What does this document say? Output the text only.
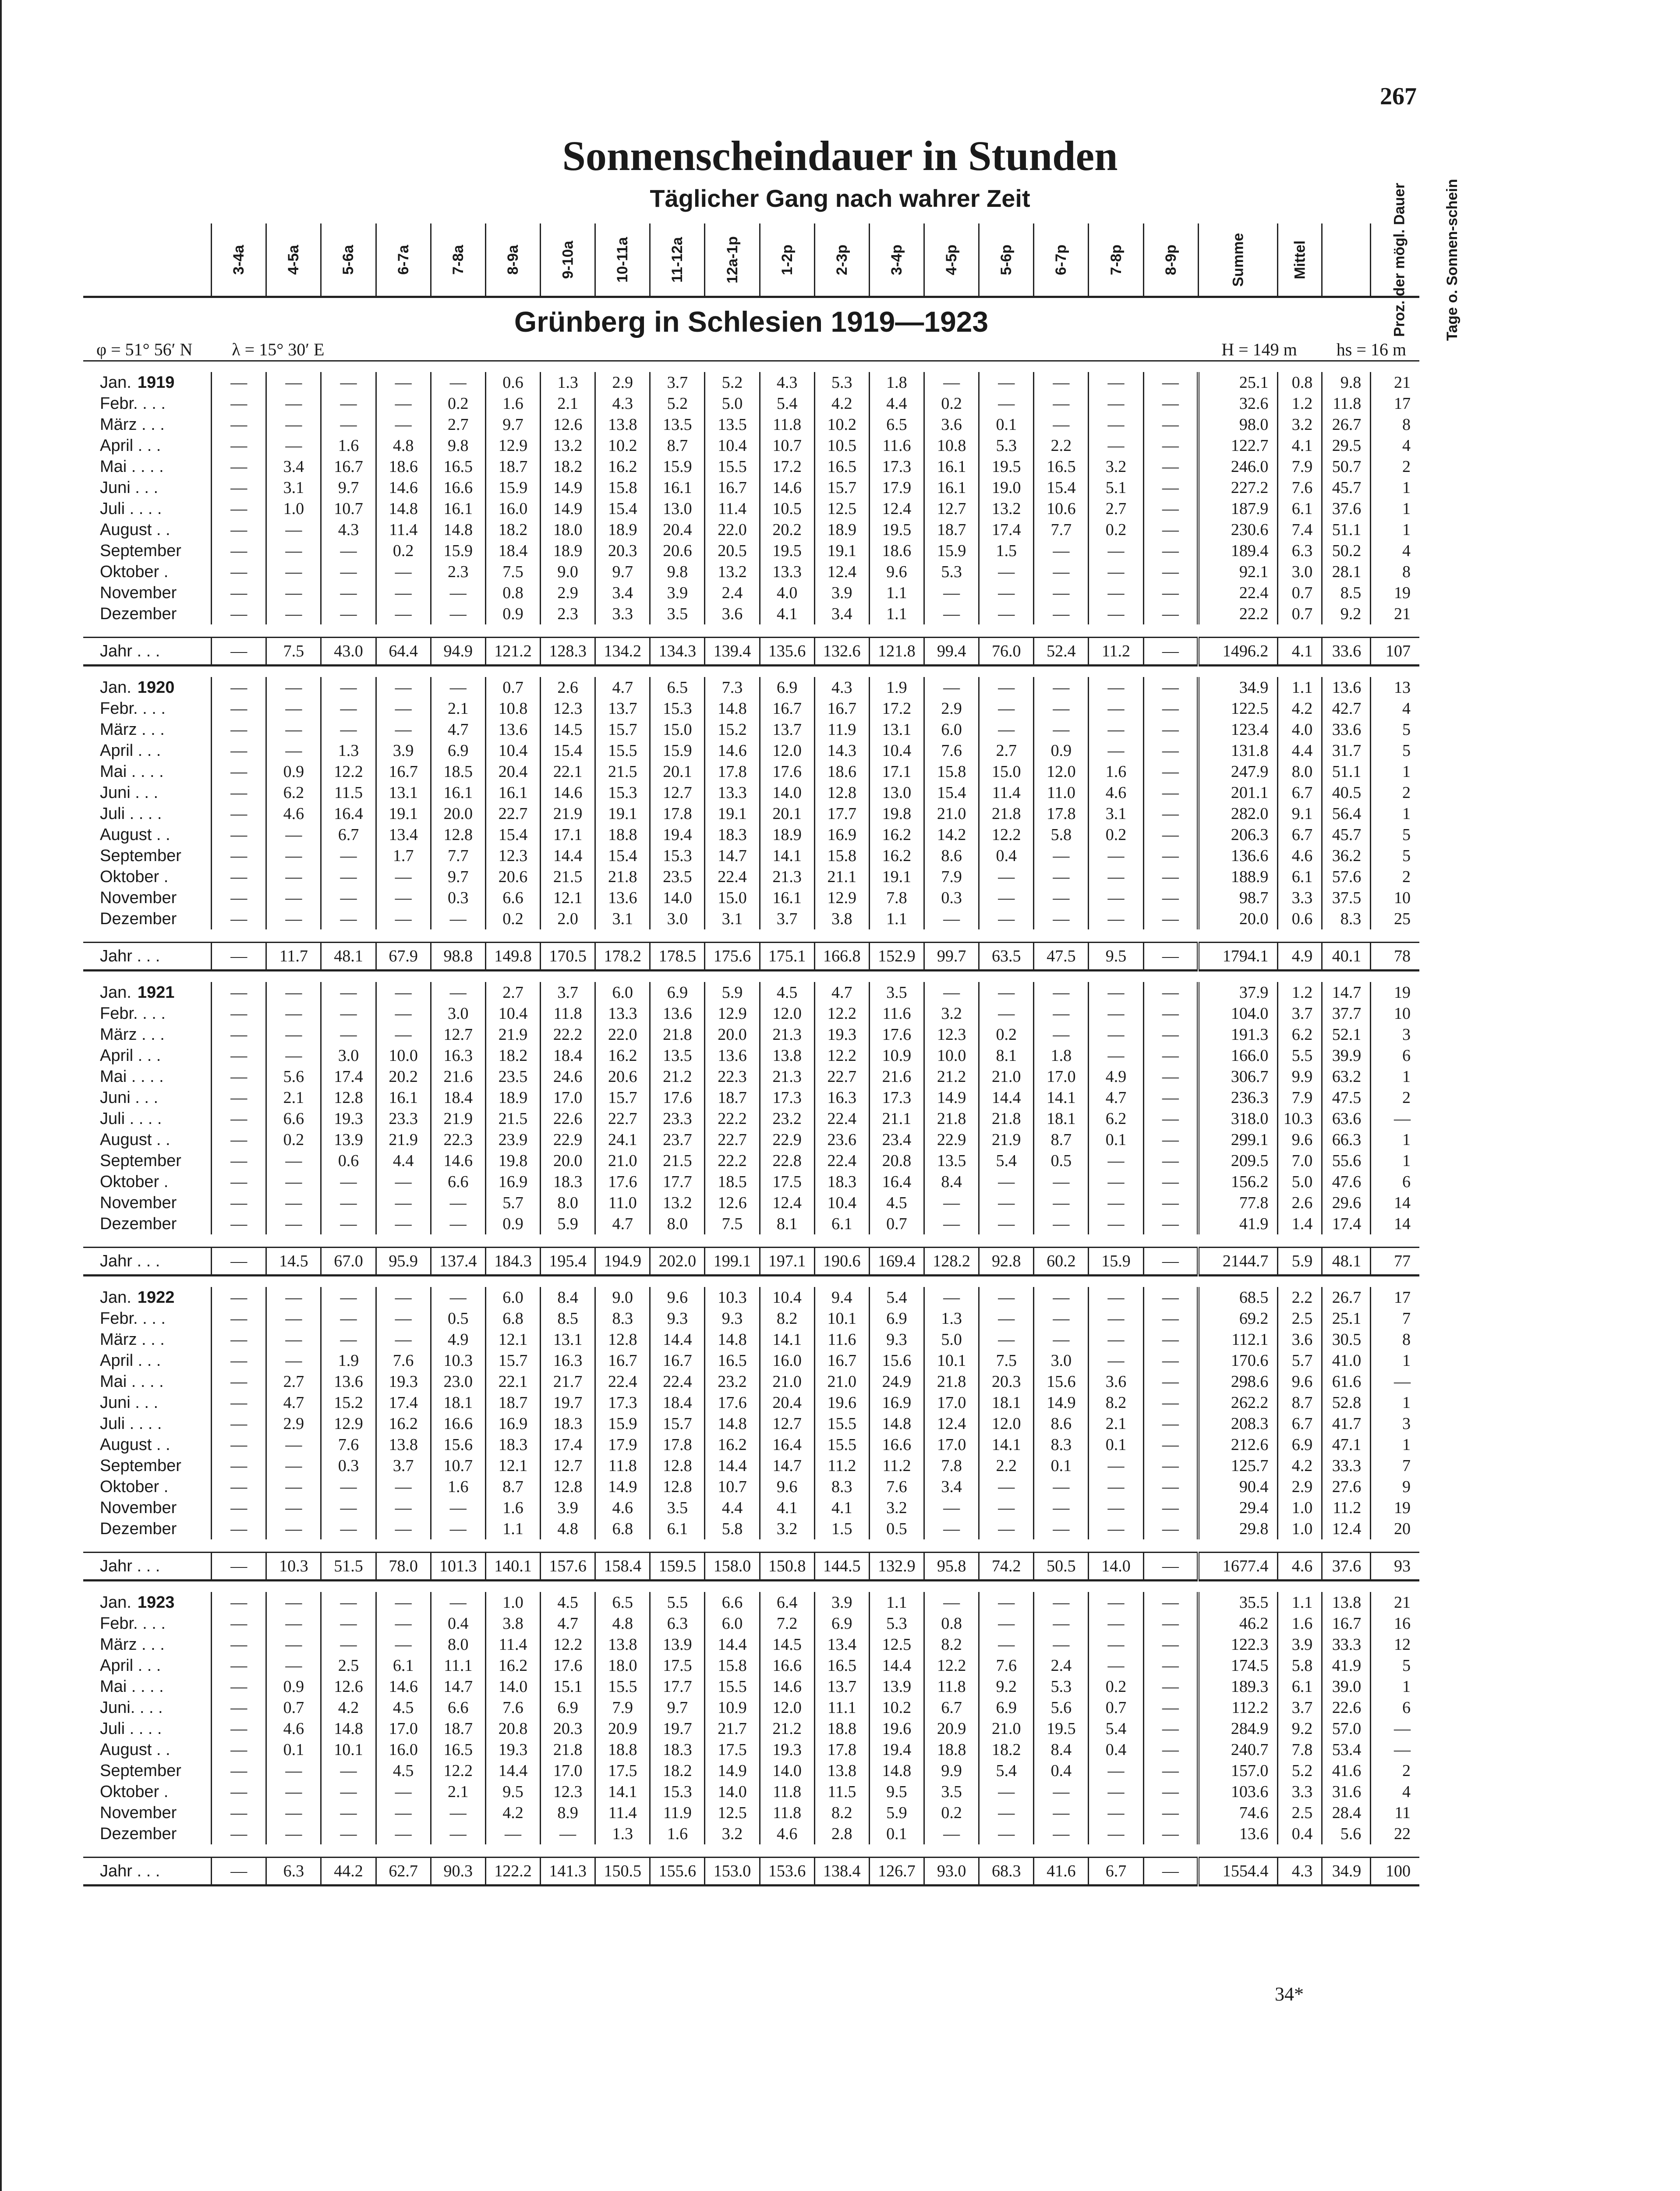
267
Sonnenscheindauer in Stunden
Täglicher Gang nach wahrer Zeit
	3-4a	4-5a	5-6a	6-7a	7-8a	8-9a	9-10a	10-11a	11-12a	12a-1p	1-2p	2-3p	3-4p	4-5p	5-6p	6-7p	7-8p	8-9p	Summe	Mittel	Proz. der mögl. Dauer	Tage o. Sonnen-schein
Grünberg in Schlesien 1919—1923																						
φ = 51° 56′ N λ = 15° 30′ E					H = 149 m hs = 16 m																	

Jan. 1919	—	—	—	—	—	0.6	1.3	2.9	3.7	5.2	4.3	5.3	1.8	—	—	—	—	—	25.1	0.8	9.8	21
Febr. . . .	—	—	—	—	0.2	1.6	2.1	4.3	5.2	5.0	5.4	4.2	4.4	0.2	—	—	—	—	32.6	1.2	11.8	17
März . . .	—	—	—	—	2.7	9.7	12.6	13.8	13.5	13.5	11.8	10.2	6.5	3.6	0.1	—	—	—	98.0	3.2	26.7	8
April . . .	—	—	1.6	4.8	9.8	12.9	13.2	10.2	8.7	10.4	10.7	10.5	11.6	10.8	5.3	2.2	—	—	122.7	4.1	29.5	4
Mai . . . .	—	3.4	16.7	18.6	16.5	18.7	18.2	16.2	15.9	15.5	17.2	16.5	17.3	16.1	19.5	16.5	3.2	—	246.0	7.9	50.7	2
Juni . . .	—	3.1	9.7	14.6	16.6	15.9	14.9	15.8	16.1	16.7	14.6	15.7	17.9	16.1	19.0	15.4	5.1	—	227.2	7.6	45.7	1
Juli . . . .	—	1.0	10.7	14.8	16.1	16.0	14.9	15.4	13.0	11.4	10.5	12.5	12.4	12.7	13.2	10.6	2.7	—	187.9	6.1	37.6	1
August . .	—	—	4.3	11.4	14.8	18.2	18.0	18.9	20.4	22.0	20.2	18.9	19.5	18.7	17.4	7.7	0.2	—	230.6	7.4	51.1	1
September	—	—	—	0.2	15.9	18.4	18.9	20.3	20.6	20.5	19.5	19.1	18.6	15.9	1.5	—	—	—	189.4	6.3	50.2	4
Oktober .	—	—	—	—	2.3	7.5	9.0	9.7	9.8	13.2	13.3	12.4	9.6	5.3	—	—	—	—	92.1	3.0	28.1	8
November	—	—	—	—	—	0.8	2.9	3.4	3.9	2.4	4.0	3.9	1.1	—	—	—	—	—	22.4	0.7	8.5	19
Dezember	—	—	—	—	—	0.9	2.3	3.3	3.5	3.6	4.1	3.4	1.1	—	—	—	—	—	22.2	0.7	9.2	21

Jahr . . .	—	7.5	43.0	64.4	94.9	121.2	128.3	134.2	134.3	139.4	135.6	132.6	121.8	99.4	76.0	52.4	11.2	—	1496.2	4.1	33.6	107

Jan. 1920	—	—	—	—	—	0.7	2.6	4.7	6.5	7.3	6.9	4.3	1.9	—	—	—	—	—	34.9	1.1	13.6	13
Febr. . . .	—	—	—	—	2.1	10.8	12.3	13.7	15.3	14.8	16.7	16.7	17.2	2.9	—	—	—	—	122.5	4.2	42.7	4
März . . .	—	—	—	—	4.7	13.6	14.5	15.7	15.0	15.2	13.7	11.9	13.1	6.0	—	—	—	—	123.4	4.0	33.6	5
April . . .	—	—	1.3	3.9	6.9	10.4	15.4	15.5	15.9	14.6	12.0	14.3	10.4	7.6	2.7	0.9	—	—	131.8	4.4	31.7	5
Mai . . . .	—	0.9	12.2	16.7	18.5	20.4	22.1	21.5	20.1	17.8	17.6	18.6	17.1	15.8	15.0	12.0	1.6	—	247.9	8.0	51.1	1
Juni . . .	—	6.2	11.5	13.1	16.1	16.1	14.6	15.3	12.7	13.3	14.0	12.8	13.0	15.4	11.4	11.0	4.6	—	201.1	6.7	40.5	2
Juli . . . .	—	4.6	16.4	19.1	20.0	22.7	21.9	19.1	17.8	19.1	20.1	17.7	19.8	21.0	21.8	17.8	3.1	—	282.0	9.1	56.4	1
August . .	—	—	6.7	13.4	12.8	15.4	17.1	18.8	19.4	18.3	18.9	16.9	16.2	14.2	12.2	5.8	0.2	—	206.3	6.7	45.7	5
September	—	—	—	1.7	7.7	12.3	14.4	15.4	15.3	14.7	14.1	15.8	16.2	8.6	0.4	—	—	—	136.6	4.6	36.2	5
Oktober .	—	—	—	—	9.7	20.6	21.5	21.8	23.5	22.4	21.3	21.1	19.1	7.9	—	—	—	—	188.9	6.1	57.6	2
November	—	—	—	—	0.3	6.6	12.1	13.6	14.0	15.0	16.1	12.9	7.8	0.3	—	—	—	—	98.7	3.3	37.5	10
Dezember	—	—	—	—	—	0.2	2.0	3.1	3.0	3.1	3.7	3.8	1.1	—	—	—	—	—	20.0	0.6	8.3	25

Jahr . . .	—	11.7	48.1	67.9	98.8	149.8	170.5	178.2	178.5	175.6	175.1	166.8	152.9	99.7	63.5	47.5	9.5	—	1794.1	4.9	40.1	78

Jan. 1921	—	—	—	—	—	2.7	3.7	6.0	6.9	5.9	4.5	4.7	3.5	—	—	—	—	—	37.9	1.2	14.7	19
Febr. . . .	—	—	—	—	3.0	10.4	11.8	13.3	13.6	12.9	12.0	12.2	11.6	3.2	—	—	—	—	104.0	3.7	37.7	10
März . . .	—	—	—	—	12.7	21.9	22.2	22.0	21.8	20.0	21.3	19.3	17.6	12.3	0.2	—	—	—	191.3	6.2	52.1	3
April . . .	—	—	3.0	10.0	16.3	18.2	18.4	16.2	13.5	13.6	13.8	12.2	10.9	10.0	8.1	1.8	—	—	166.0	5.5	39.9	6
Mai . . . .	—	5.6	17.4	20.2	21.6	23.5	24.6	20.6	21.2	22.3	21.3	22.7	21.6	21.2	21.0	17.0	4.9	—	306.7	9.9	63.2	1
Juni . . .	—	2.1	12.8	16.1	18.4	18.9	17.0	15.7	17.6	18.7	17.3	16.3	17.3	14.9	14.4	14.1	4.7	—	236.3	7.9	47.5	2
Juli . . . .	—	6.6	19.3	23.3	21.9	21.5	22.6	22.7	23.3	22.2	23.2	22.4	21.1	21.8	21.8	18.1	6.2	—	318.0	10.3	63.6	—
August . .	—	0.2	13.9	21.9	22.3	23.9	22.9	24.1	23.7	22.7	22.9	23.6	23.4	22.9	21.9	8.7	0.1	—	299.1	9.6	66.3	1
September	—	—	0.6	4.4	14.6	19.8	20.0	21.0	21.5	22.2	22.8	22.4	20.8	13.5	5.4	0.5	—	—	209.5	7.0	55.6	1
Oktober .	—	—	—	—	6.6	16.9	18.3	17.6	17.7	18.5	17.5	18.3	16.4	8.4	—	—	—	—	156.2	5.0	47.6	6
November	—	—	—	—	—	5.7	8.0	11.0	13.2	12.6	12.4	10.4	4.5	—	—	—	—	—	77.8	2.6	29.6	14
Dezember	—	—	—	—	—	0.9	5.9	4.7	8.0	7.5	8.1	6.1	0.7	—	—	—	—	—	41.9	1.4	17.4	14

Jahr . . .	—	14.5	67.0	95.9	137.4	184.3	195.4	194.9	202.0	199.1	197.1	190.6	169.4	128.2	92.8	60.2	15.9	—	2144.7	5.9	48.1	77

Jan. 1922	—	—	—	—	—	6.0	8.4	9.0	9.6	10.3	10.4	9.4	5.4	—	—	—	—	—	68.5	2.2	26.7	17
Febr. . . .	—	—	—	—	0.5	6.8	8.5	8.3	9.3	9.3	8.2	10.1	6.9	1.3	—	—	—	—	69.2	2.5	25.1	7
März . . .	—	—	—	—	4.9	12.1	13.1	12.8	14.4	14.8	14.1	11.6	9.3	5.0	—	—	—	—	112.1	3.6	30.5	8
April . . .	—	—	1.9	7.6	10.3	15.7	16.3	16.7	16.7	16.5	16.0	16.7	15.6	10.1	7.5	3.0	—	—	170.6	5.7	41.0	1
Mai . . . .	—	2.7	13.6	19.3	23.0	22.1	21.7	22.4	22.4	23.2	21.0	21.0	24.9	21.8	20.3	15.6	3.6	—	298.6	9.6	61.6	—
Juni . . .	—	4.7	15.2	17.4	18.1	18.7	19.7	17.3	18.4	17.6	20.4	19.6	16.9	17.0	18.1	14.9	8.2	—	262.2	8.7	52.8	1
Juli . . . .	—	2.9	12.9	16.2	16.6	16.9	18.3	15.9	15.7	14.8	12.7	15.5	14.8	12.4	12.0	8.6	2.1	—	208.3	6.7	41.7	3
August . .	—	—	7.6	13.8	15.6	18.3	17.4	17.9	17.8	16.2	16.4	15.5	16.6	17.0	14.1	8.3	0.1	—	212.6	6.9	47.1	1
September	—	—	0.3	3.7	10.7	12.1	12.7	11.8	12.8	14.4	14.7	11.2	11.2	7.8	2.2	0.1	—	—	125.7	4.2	33.3	7
Oktober .	—	—	—	—	1.6	8.7	12.8	14.9	12.8	10.7	9.6	8.3	7.6	3.4	—	—	—	—	90.4	2.9	27.6	9
November	—	—	—	—	—	1.6	3.9	4.6	3.5	4.4	4.1	4.1	3.2	—	—	—	—	—	29.4	1.0	11.2	19
Dezember	—	—	—	—	—	1.1	4.8	6.8	6.1	5.8	3.2	1.5	0.5	—	—	—	—	—	29.8	1.0	12.4	20

Jahr . . .	—	10.3	51.5	78.0	101.3	140.1	157.6	158.4	159.5	158.0	150.8	144.5	132.9	95.8	74.2	50.5	14.0	—	1677.4	4.6	37.6	93

Jan. 1923	—	—	—	—	—	1.0	4.5	6.5	5.5	6.6	6.4	3.9	1.1	—	—	—	—	—	35.5	1.1	13.8	21
Febr. . . .	—	—	—	—	0.4	3.8	4.7	4.8	6.3	6.0	7.2	6.9	5.3	0.8	—	—	—	—	46.2	1.6	16.7	16
März . . .	—	—	—	—	8.0	11.4	12.2	13.8	13.9	14.4	14.5	13.4	12.5	8.2	—	—	—	—	122.3	3.9	33.3	12
April . . .	—	—	2.5	6.1	11.1	16.2	17.6	18.0	17.5	15.8	16.6	16.5	14.4	12.2	7.6	2.4	—	—	174.5	5.8	41.9	5
Mai . . . .	—	0.9	12.6	14.6	14.7	14.0	15.1	15.5	17.7	15.5	14.6	13.7	13.9	11.8	9.2	5.3	0.2	—	189.3	6.1	39.0	1
Juni. . . .	—	0.7	4.2	4.5	6.6	7.6	6.9	7.9	9.7	10.9	12.0	11.1	10.2	6.7	6.9	5.6	0.7	—	112.2	3.7	22.6	6
Juli . . . .	—	4.6	14.8	17.0	18.7	20.8	20.3	20.9	19.7	21.7	21.2	18.8	19.6	20.9	21.0	19.5	5.4	—	284.9	9.2	57.0	—
August . .	—	0.1	10.1	16.0	16.5	19.3	21.8	18.8	18.3	17.5	19.3	17.8	19.4	18.8	18.2	8.4	0.4	—	240.7	7.8	53.4	—
September	—	—	—	4.5	12.2	14.4	17.0	17.5	18.2	14.9	14.0	13.8	14.8	9.9	5.4	0.4	—	—	157.0	5.2	41.6	2
Oktober .	—	—	—	—	2.1	9.5	12.3	14.1	15.3	14.0	11.8	11.5	9.5	3.5	—	—	—	—	103.6	3.3	31.6	4
November	—	—	—	—	—	4.2	8.9	11.4	11.9	12.5	11.8	8.2	5.9	0.2	—	—	—	—	74.6	2.5	28.4	11
Dezember	—	—	—	—	—	—	—	1.3	1.6	3.2	4.6	2.8	0.1	—	—	—	—	—	13.6	0.4	5.6	22

Jahr . . .	—	6.3	44.2	62.7	90.3	122.2	141.3	150.5	155.6	153.0	153.6	138.4	126.7	93.0	68.3	41.6	6.7	—	1554.4	4.3	34.9	100
34*
